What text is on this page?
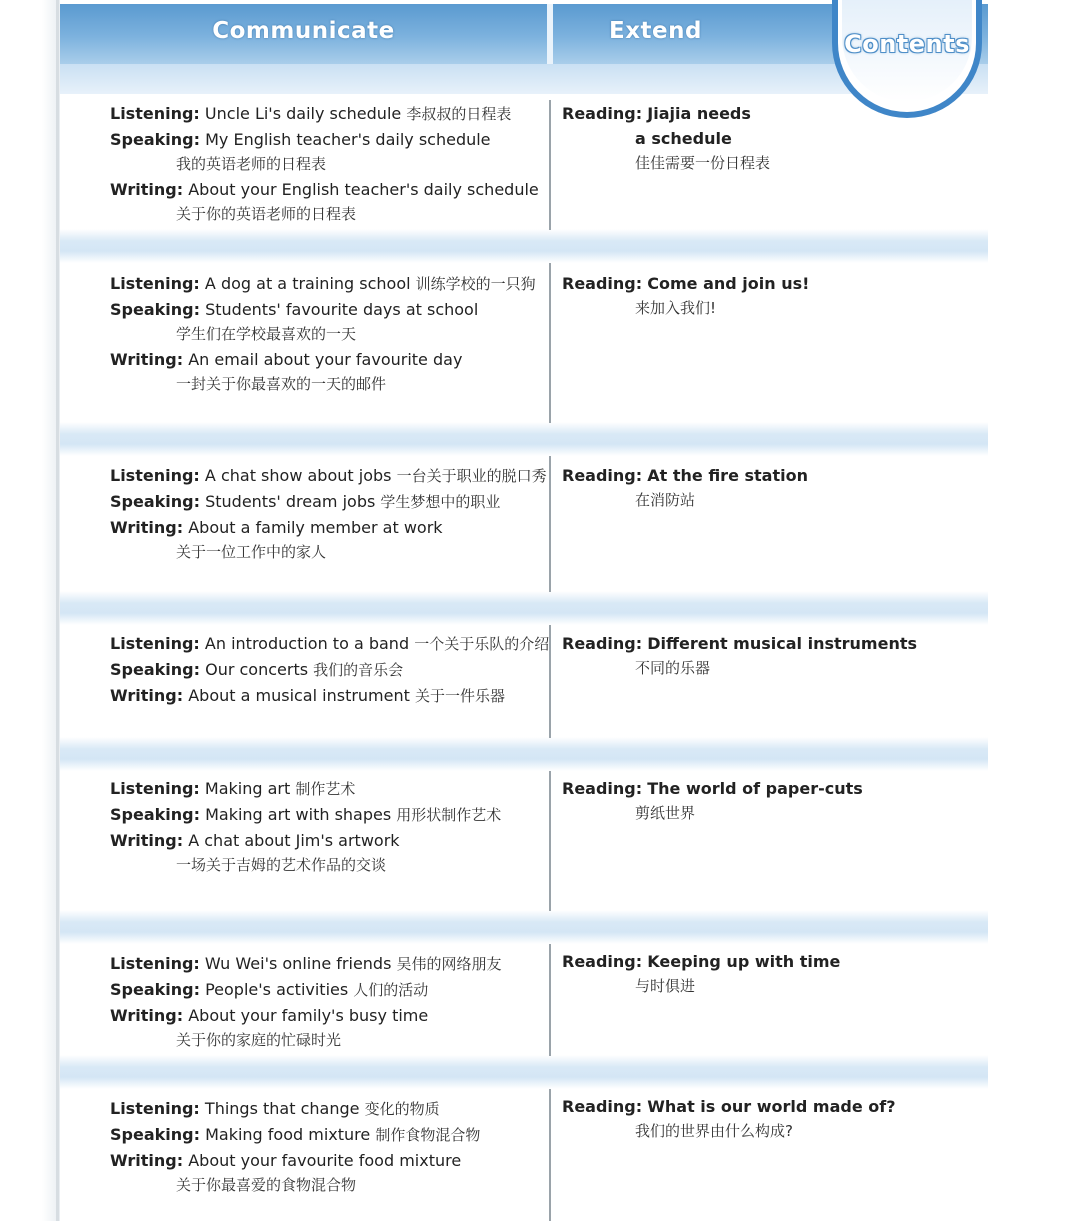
Communicate	Extend	Contents
Listening: Uncle Li's daily schedule 李叔叔的日程表
Speaking: My English teacher's daily schedule
我的英语老师的日程表
Writing: About your English teacher's daily schedule
关于你的英语老师的日程表
Reading: Jiajia needs
a schedule
佳佳需要一份日程表
Listening: A dog at a training school 训练学校的一只狗
Speaking: Students' favourite days at school
学生们在学校最喜欢的一天
Writing: An email about your favourite day
一封关于你最喜欢的一天的邮件
Reading: Come and join us!
来加入我们!
Listening: A chat show about jobs 一台关于职业的脱口秀
Speaking: Students' dream jobs 学生梦想中的职业
Writing: About a family member at work
关于一位工作中的家人
Reading: At the fire station
在消防站
Listening: An introduction to a band 一个关于乐队的介绍
Speaking: Our concerts 我们的音乐会
Writing: About a musical instrument 关于一件乐器
Reading: Different musical instruments
不同的乐器
Listening: Making art 制作艺术
Speaking: Making art with shapes 用形状制作艺术
Writing: A chat about Jim's artwork
一场关于吉姆的艺术作品的交谈
Reading: The world of paper-cuts
剪纸世界
Listening: Wu Wei's online friends 吴伟的网络朋友
Speaking: People's activities 人们的活动
Writing: About your family's busy time
关于你的家庭的忙碌时光
Reading: Keeping up with time
与时俱进
Listening: Things that change 变化的物质
Speaking: Making food mixture 制作食物混合物
Writing: About your favourite food mixture
关于你最喜爱的食物混合物
Reading: What is our world made of?
我们的世界由什么构成?
